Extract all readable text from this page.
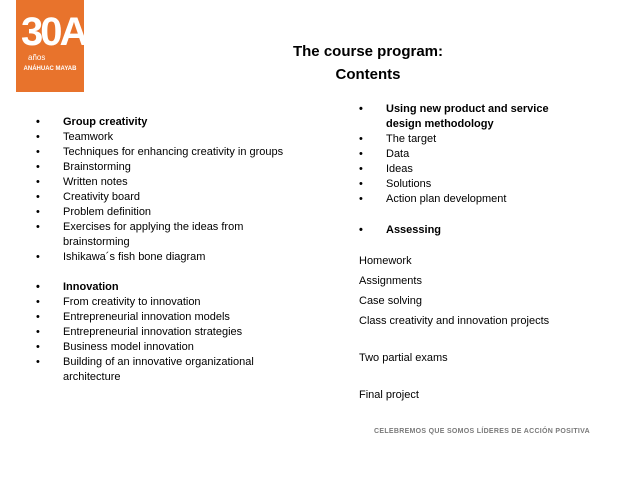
30A
años
ANÁHUAC MAYAB
The course program:
Contents
• Group creativity
• Teamwork
• Techniques for enhancing creativity in groups
• Brainstorming
• Written notes
• Creativity board
• Problem definition
• Exercises for applying the ideas from brainstorming
• Ishikawa´s fish bone diagram
• Innovation
• From creativity to innovation
• Entrepreneurial innovation models
• Entrepreneurial innovation strategies
• Business model innovation
• Building of an innovative organizational architecture
• Using new product and service design methodology
• The target
• Data
• Ideas
• Solutions
• Action plan development
• Assessing

Homework

Assignments

Case solving

Class creativity and innovation projects

Two partial exams

Final project

CELEBREMOS QUE SOMOS LÍDERES DE ACCIÓN POSITIVA
